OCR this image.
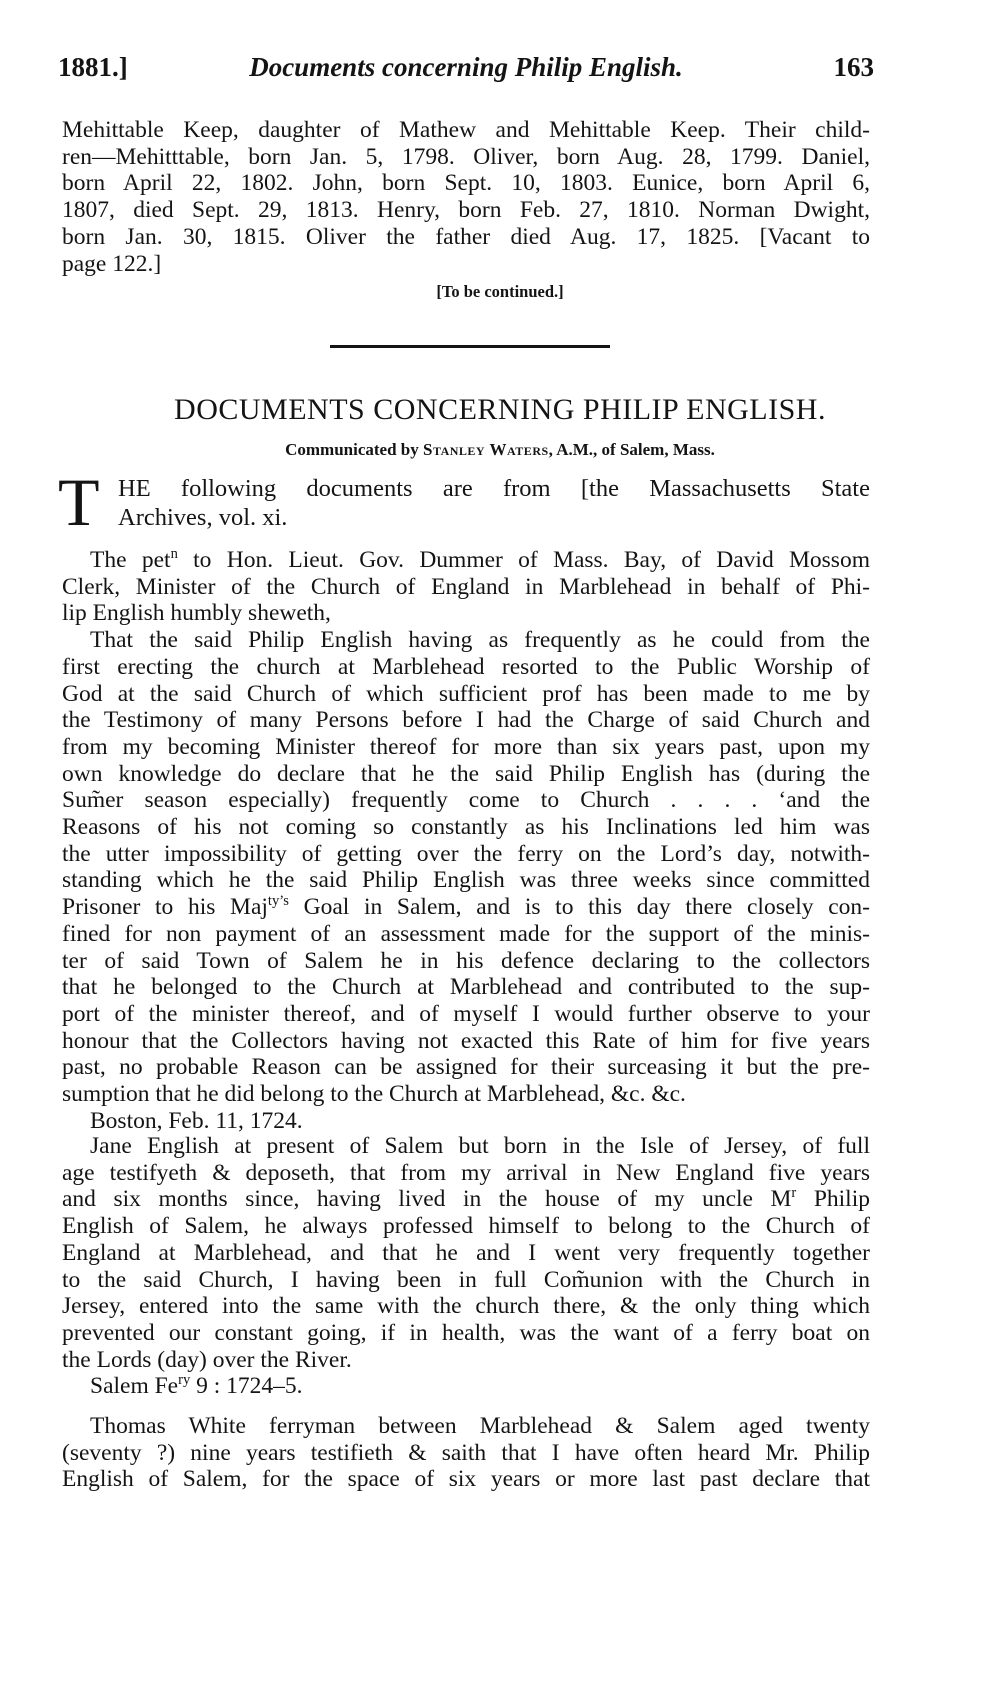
1881.]	Documents concerning Philip English.	163
Mehittable Keep, daughter of Mathew and Mehittable Keep. Their child-
ren—Mehitttable, born Jan. 5, 1798. Oliver, born Aug. 28, 1799. Daniel,
born April 22, 1802. John, born Sept. 10, 1803. Eunice, born April 6,
1807, died Sept. 29, 1813. Henry, born Feb. 27, 1810. Norman Dwight,
born Jan. 30, 1815. Oliver the father died Aug. 17, 1825. [Vacant to
page 122.]
[To be continued.]
DOCUMENTS CONCERNING PHILIP ENGLISH.
Communicated by Stanley Waters, A.M., of Salem, Mass.
T HE following documents are from [the Massachusetts State
Archives, vol. xi.
The pet$^n$ to Hon. Lieut. Gov. Dummer of Mass. Bay, of David Mossom
Clerk, Minister of the Church of England in Marblehead in behalf of Phi-
lip English humbly sheweth,
That the said Philip English having as frequently as he could from the
first erecting the church at Marblehead resorted to the Public Worship of
God at the said Church of which sufficient prof has been made to me by
the Testimony of many Persons before I had the Charge of said Church and
from my becoming Minister thereof for more than six years past, upon my
own knowledge do declare that he the said Philip English has (during the
Sum̃er season especially) frequently come to Church . . . . ‘and the
Reasons of his not coming so constantly as his Inclinations led him was
the utter impossibility of getting over the ferry on the Lord’s day, notwith-
standing which he the said Philip English was three weeks since committed
Prisoner to his Maj$^{ty’s}$ Goal in Salem, and is to this day there closely con-
fined for non payment of an assessment made for the support of the minis-
ter of said Town of Salem he in his defence declaring to the collectors
that he belonged to the Church at Marblehead and contributed to the sup-
port of the minister thereof, and of myself I would further observe to your
honour that the Collectors having not exacted this Rate of him for five years
past, no probable Reason can be assigned for their surceasing it but the pre-
sumption that he did belong to the Church at Marblehead, &c. &c.
Boston, Feb. 11, 1724.
Jane English at present of Salem but born in the Isle of Jersey, of full
age testifyeth & deposeth, that from my arrival in New England five years
and six months since, having lived in the house of my uncle $M^r$ Philip
English of Salem, he always professed himself to belong to the Church of
England at Marblehead, and that he and I went very frequently together
to the said Church, I having been in full Com̃union with the Church in
Jersey, entered into the same with the church there, & the only thing which
prevented our constant going, if in health, was the want of a ferry boat on
the Lords (day) over the River.
Salem $Fe^{ry}$ 9 : 1724–5.
Thomas White ferryman between Marblehead & Salem aged twenty
(seventy ?) nine years testifieth & saith that I have often heard Mr. Philip
English of Salem, for the space of six years or more last past declare that
